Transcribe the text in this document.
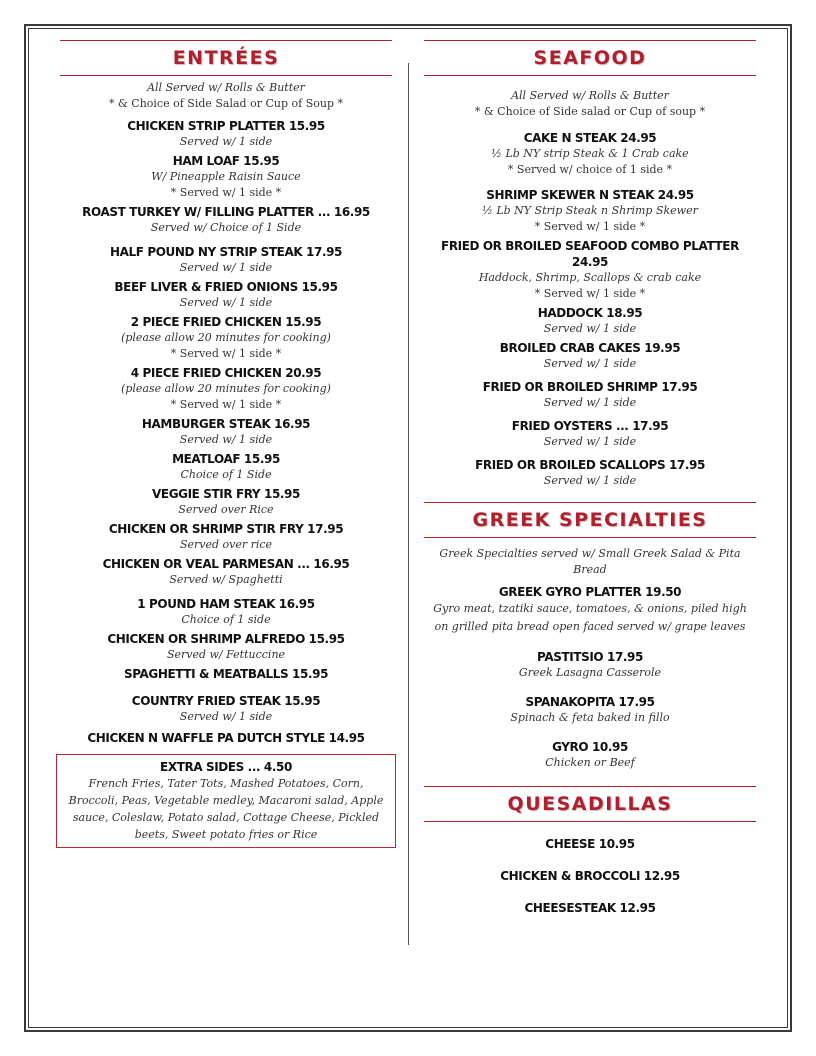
ENTRÉES
All Served w/ Rolls & Butter
* & Choice of Side Salad or Cup of Soup *
CHICKEN STRIP PLATTER 15.95
Served w/ 1 side
HAM LOAF 15.95
W/ Pineapple Raisin Sauce
* Served w/ 1 side *
ROAST TURKEY W/ FILLING PLATTER ... 16.95
Served w/ Choice of 1 Side
HALF POUND NY STRIP STEAK 17.95
Served w/ 1 side
BEEF LIVER & FRIED ONIONS 15.95
Served w/ 1 side
2 PIECE FRIED CHICKEN 15.95
(please allow 20 minutes for cooking)
* Served w/ 1 side *
4 PIECE FRIED CHICKEN 20.95
(please allow 20 minutes for cooking)
* Served w/ 1 side *
HAMBURGER STEAK 16.95
Served w/ 1 side
MEATLOAF 15.95
Choice of 1 Side
VEGGIE STIR FRY 15.95
Served over Rice
CHICKEN OR SHRIMP STIR FRY 17.95
Served over rice
CHICKEN OR VEAL PARMESAN ... 16.95
Served w/ Spaghetti
1 POUND HAM STEAK 16.95
Choice of 1 side
CHICKEN OR SHRIMP ALFREDO 15.95
Served w/ Fettuccine
SPAGHETTI & MEATBALLS 15.95
COUNTRY FRIED STEAK 15.95
Served w/ 1 side
CHICKEN N WAFFLE PA DUTCH STYLE 14.95
EXTRA SIDES ... 4.50
French Fries, Tater Tots, Mashed Potatoes, Corn, Broccoli, Peas, Vegetable medley, Macaroni salad, Apple sauce, Coleslaw, Potato salad, Cottage Cheese, Pickled beets, Sweet potato fries or Rice
SEAFOOD
All Served w/ Rolls & Butter
* & Choice of Side salad or Cup of soup *
CAKE N STEAK 24.95
½ Lb NY strip Steak & 1 Crab cake
* Served w/ choice of 1 side *
SHRIMP SKEWER N STEAK 24.95
½ Lb NY Strip Steak n Shrimp Skewer
* Served w/ 1 side *
FRIED OR BROILED SEAFOOD COMBO PLATTER 24.95
Haddock, Shrimp, Scallops & crab cake
* Served w/ 1 side *
HADDOCK 18.95
Served w/ 1 side
BROILED CRAB CAKES 19.95
Served w/ 1 side
FRIED OR BROILED SHRIMP 17.95
Served w/ 1 side
FRIED OYSTERS ... 17.95
Served w/ 1 side
FRIED OR BROILED SCALLOPS 17.95
Served w/ 1 side
GREEK SPECIALTIES
Greek Specialties served w/ Small Greek Salad & Pita Bread
GREEK GYRO PLATTER 19.50
Gyro meat, tzatiki sauce, tomatoes, & onions, piled high on grilled pita bread open faced served w/ grape leaves
PASTITSIO 17.95
Greek Lasagna Casserole
SPANAKOPITA 17.95
Spinach & feta baked in fillo
GYRO 10.95
Chicken or Beef
QUESADILLAS
CHEESE 10.95
CHICKEN & BROCCOLI 12.95
CHEESESTEAK 12.95
